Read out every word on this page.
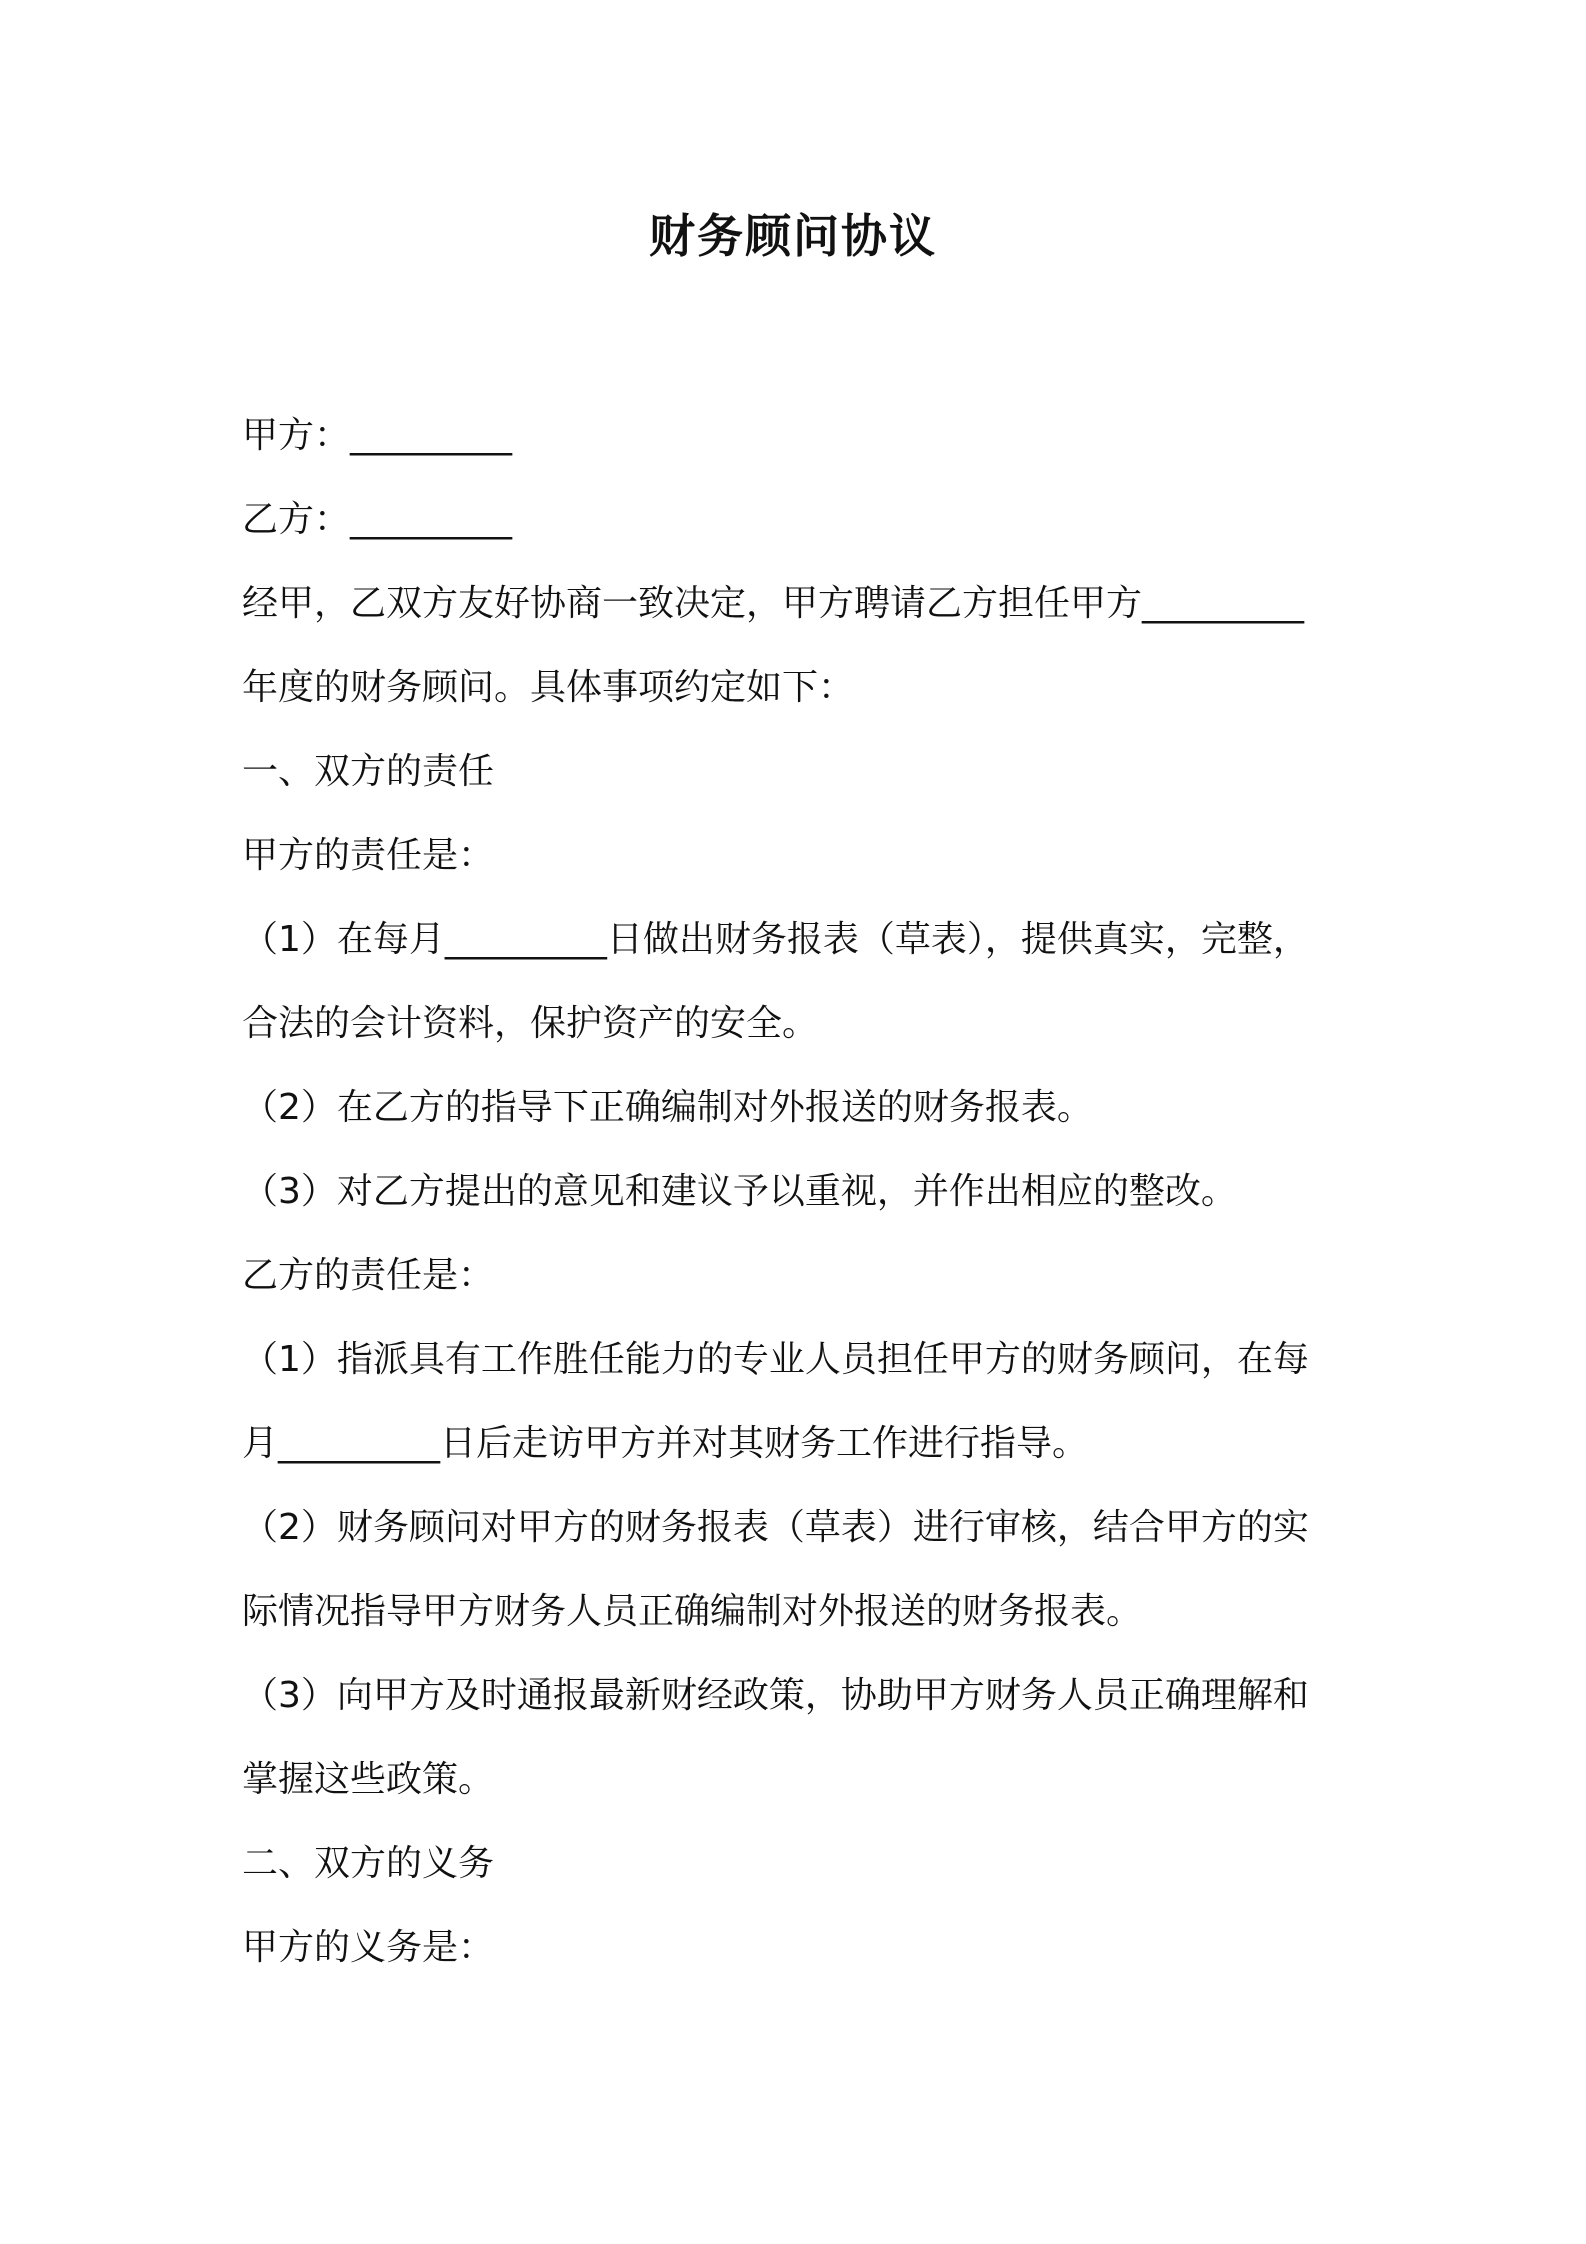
财务顾问协议
甲方：_________
乙方：_________
经甲，乙双方友好协商一致决定，甲方聘请乙方担任甲方_________
年度的财务顾问。具体事项约定如下：
一、双方的责任
甲方的责任是：
（1）在每月_________日做出财务报表（草表），提供真实，完整，
合法的会计资料，保护资产的安全。
（2）在乙方的指导下正确编制对外报送的财务报表。
（3）对乙方提出的意见和建议予以重视，并作出相应的整改。
乙方的责任是：
（1）指派具有工作胜任能力的专业人员担任甲方的财务顾问，在每
月_________日后走访甲方并对其财务工作进行指导。
（2）财务顾问对甲方的财务报表（草表）进行审核，结合甲方的实
际情况指导甲方财务人员正确编制对外报送的财务报表。
（3）向甲方及时通报最新财经政策，协助甲方财务人员正确理解和
掌握这些政策。
二、双方的义务
甲方的义务是：
